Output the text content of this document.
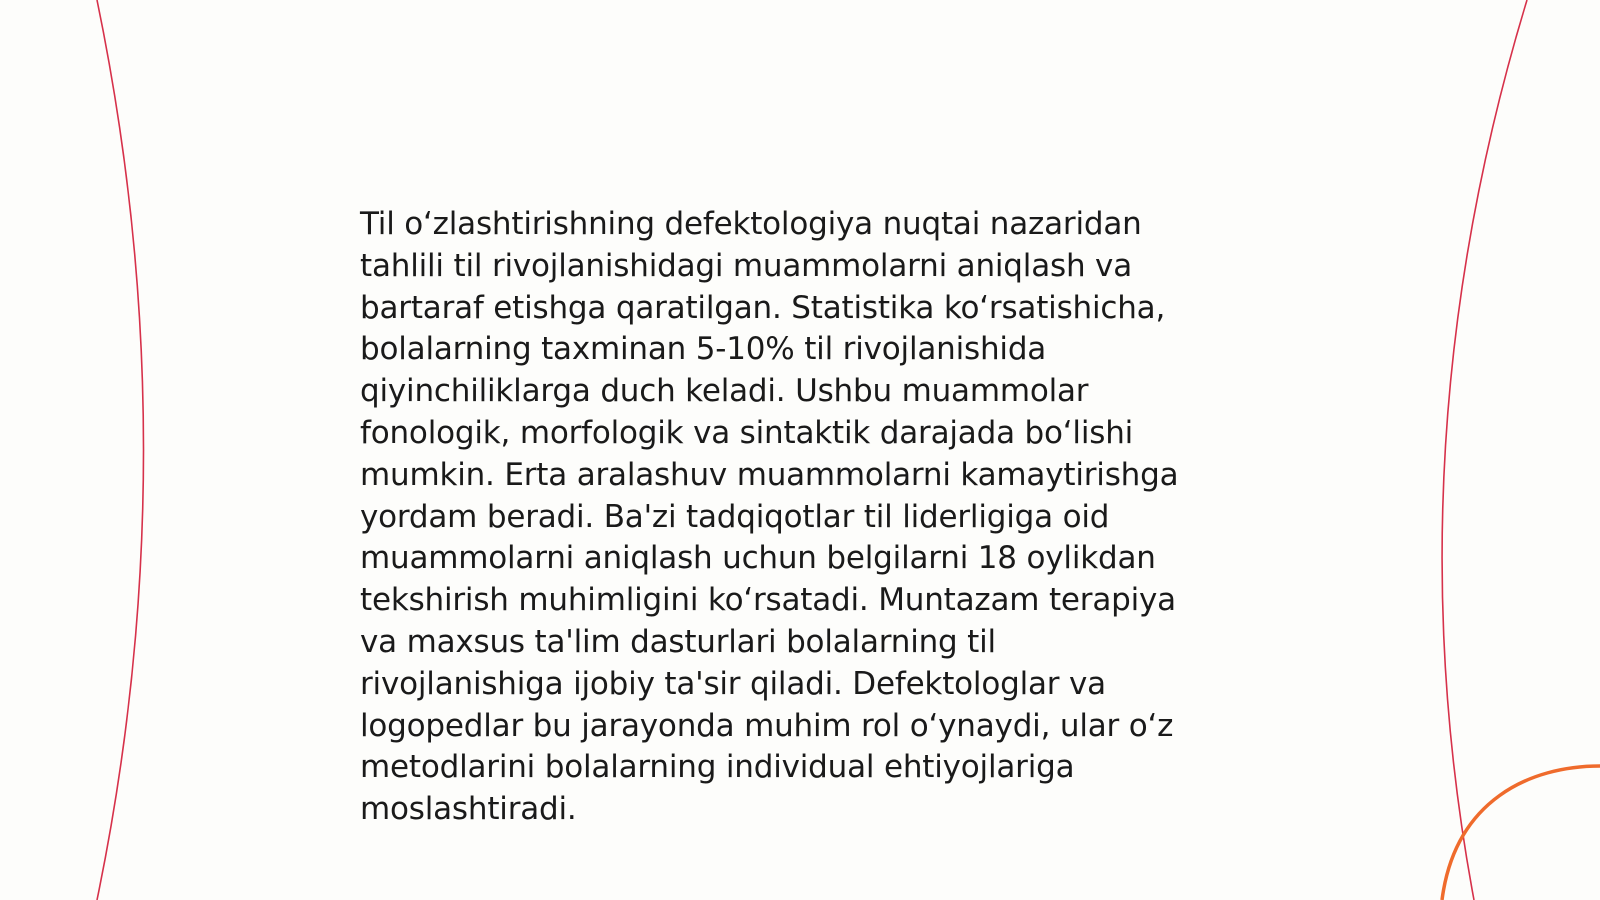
Til o‘zlashtirishning defektologiya nuqtai nazaridan
tahlili til rivojlanishidagi muammolarni aniqlash va
bartaraf etishga qaratilgan. Statistika ko‘rsatishicha,
bolalarning taxminan 5-10% til rivojlanishida
qiyinchiliklarga duch keladi. Ushbu muammolar
fonologik, morfologik va sintaktik darajada bo‘lishi
mumkin. Erta aralashuv muammolarni kamaytirishga
yordam beradi. Ba'zi tadqiqotlar til liderligiga oid
muammolarni aniqlash uchun belgilarni 18 oylikdan
tekshirish muhimligini ko‘rsatadi. Muntazam terapiya
va maxsus ta'lim dasturlari bolalarning til
rivojlanishiga ijobiy ta'sir qiladi. Defektologlar va
logopedlar bu jarayonda muhim rol o‘ynaydi, ular o‘z
metodlarini bolalarning individual ehtiyojlariga
moslashtiradi.
